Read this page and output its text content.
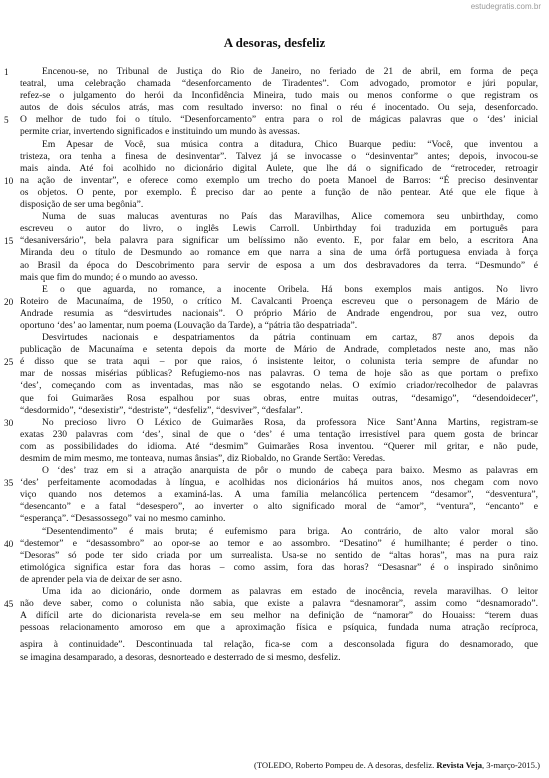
estudegratis.com.br
A desoras, desfeliz
1	Encenou-se, no Tribunal de Justiça do Rio de Janeiro, no feriado de 21 de abril, em forma de peça
teatral, uma celebração chamada “desenforcamento de Tiradentes”. Com advogado, promotor e júri popular,
refez-se o julgamento do herói da Inconfidência Mineira, tudo mais ou menos conforme o que registram os
autos de dois séculos atrás, mas com resultado inverso: no final o réu é inocentado. Ou seja, desenforcado.
5	O melhor de tudo foi o título. “Desenforcamento” entra para o rol de mágicas palavras que o ‘des’ inicial
permite criar, invertendo significados e instituindo um mundo às avessas.
Em Apesar de Você, sua música contra a ditadura, Chico Buarque pediu: “Você, que inventou a
tristeza, ora tenha a finesa de desinventar”. Talvez já se invocasse o “desinventar” antes; depois, invocou-se
mais ainda. Até foi acolhido no dicionário digital Aulete, que lhe dá o significado de “retroceder, retroagir
10 na ação de inventar”, e oferece como exemplo um trecho do poeta Manoel de Barros: “É preciso desinventar
os objetos. O pente, por exemplo. É preciso dar ao pente a função de não pentear. Até que ele fique à
disposição de ser uma begônia”.
Numa de suas malucas aventuras no País das Maravilhas, Alice comemora seu unbirthday, como
escreveu o autor do livro, o inglês Lewis Carroll. Unbirthday foi traduzida em português para
15 “desaniversário”, bela palavra para significar um belíssimo não evento. E, por falar em belo, a escritora Ana
Miranda deu o título de Desmundo ao romance em que narra a sina de uma órfã portuguesa enviada à força
ao Brasil da época do Descobrimento para servir de esposa a um dos desbravadores da terra. “Desmundo” é
mais que fim do mundo; é o mundo ao avesso.
E o que aguarda, no romance, a inocente Oribela. Há bons exemplos mais antigos. No livro
20 Roteiro de Macunaíma, de 1950, o crítico M. Cavalcanti Proença escreveu que o personagem de Mário de
Andrade resumia as “desvirtudes nacionais”. O próprio Mário de Andrade engendrou, por sua vez, outro
oportuno ‘des’ ao lamentar, num poema (Louvação da Tarde), a “pátria tão despatriada”.
Desvirtudes nacionais e despatriamentos da pátria continuam em cartaz, 87 anos depois da
publicação de Macunaíma e setenta depois da morte de Mário de Andrade, completados neste ano, mas não
25 é disso que se trata aqui – por que raios, ó insistente leitor, o colunista teria sempre de afundar no
mar de nossas misérias públicas? Refugiemo-nos nas palavras. O tema de hoje são as que portam o prefixo
‘des’, começando com as inventadas, mas não se esgotando nelas. O exímio criador/recolhedor de palavras
que foi Guimarães Rosa espalhou por suas obras, entre muitas outras, “desamigo”, “desendoidecer”,
“desdormido”, “desexistir”, “destriste”, “desfeliz”, “desviver”, “desfalar”.
30	No precioso livro O Léxico de Guimarães Rosa, da professora Nice Sant’Anna Martins, registram-se
exatas 230 palavras com ‘des’, sinal de que o ‘des’ é uma tentação irresistível para quem gosta de brincar
com as possibilidades do idioma. Até “desmim” Guimarães Rosa inventou. “Querer mil gritar, e não pude,
desmim de mim mesmo, me tonteava, numas ânsias”, diz Riobaldo, no Grande Sertão: Veredas.
O ‘des’ traz em si a atração anarquista de pôr o mundo de cabeça para baixo. Mesmo as palavras em
35 ‘des’ perfeitamente acomodadas à língua, e acolhidas nos dicionários há muitos anos, nos chegam com novo
viço quando nos detemos a examiná-las. A uma família melancólica pertencem “desamor”, “desventura”,
“desencanto” e a fatal “desespero”, ao inverter o alto significado moral de “amor”, “ventura”, “encanto” e
“esperança”. “Desassossego” vai no mesmo caminho.
“Desentendimento” é mais bruta; é eufemismo para briga. Ao contrário, de alto valor moral são
40 “destemor” e “desassombro” ao opor-se ao temor e ao assombro. “Desatino” é humilhante; é perder o tino.
“Desoras” só pode ter sido criada por um surrealista. Usa-se no sentido de “altas horas”, mas na pura raiz
etimológica significa estar fora das horas – como assim, fora das horas? “Desasnar” é o inspirado sinônimo
de aprender pela via de deixar de ser asno.
Uma ida ao dicionário, onde dormem as palavras em estado de inocência, revela maravilhas. O leitor
45 não deve saber, como o colunista não sabia, que existe a palavra “desnamorar”, assim como “desnamorado”.
A difícil arte do dicionarista revela-se em seu melhor na definição de “namorar” do Houaiss: “terem duas
pessoas relacionamento amoroso em que a aproximação física e psíquica, fundada numa atração recíproca,
aspira à continuidade”. Descontinuada tal relação, fica-se com a desconsolada figura do desnamorado, que
se imagina desamparado, a desoras, desnorteado e desterrado de si mesmo, desfeliz.
(TOLEDO, Roberto Pompeu de. A desoras, desfeliz. Revista Veja, 3-março-2015.)
